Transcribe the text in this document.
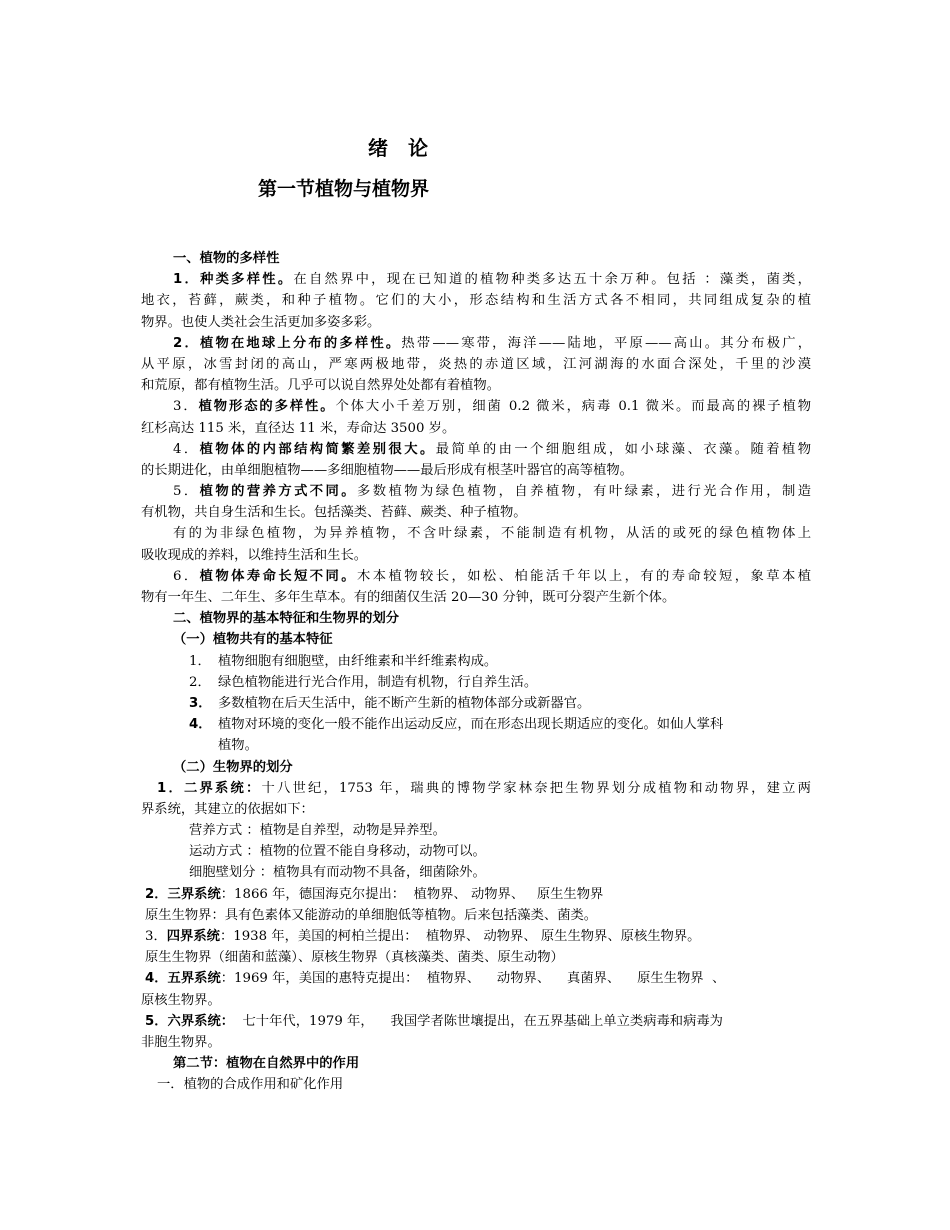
绪 论
第一节植物与植物界
一、植物的多样性
1．种类多样性。在自然界中，现在已知道的植物种类多达五十余万种。包括 ：藻类，菌类，
地衣，苔藓，蕨类，和种子植物。它们的大小，形态结构和生活方式各不相同，共同组成复杂的植
物界。也使人类社会生活更加多姿多彩。
2．植物在地球上分布的多样性。热带——寒带，海洋——陆地，平原——高山。其分布极广，
从平原，冰雪封闭的高山，严寒两极地带，炎热的赤道区域，江河湖海的水面合深处，千里的沙漠
和荒原，都有植物生活。几乎可以说自然界处处都有着植物。
3．植物形态的多样性。个体大小千差万别，细菌 0.2 微米，病毒 0.1 微米。而最高的裸子植物
红杉高达 115 米，直径达 11 米，寿命达 3500 岁。
4．植物体的内部结构简繁差别很大。最简单的由一个细胞组成，如小球藻、衣藻。随着植物
的长期进化，由单细胞植物——多细胞植物——最后形成有根茎叶器官的高等植物。
5．植物的营养方式不同。多数植物为绿色植物，自养植物，有叶绿素，进行光合作用，制造
有机物，共自身生活和生长。包括藻类、苔藓、蕨类、种子植物。
有的为非绿色植物，为异养植物，不含叶绿素，不能制造有机物，从活的或死的绿色植物体上
吸收现成的养料，以维持生活和生长。
6．植物体寿命长短不同。木本植物较长，如松、柏能活千年以上，有的寿命较短，象草本植
物有一年生、二年生、多年生草本。有的细菌仅生活 20—30 分钟，既可分裂产生新个体。
二、植物界的基本特征和生物界的划分
（一）植物共有的基本特征
1． 植物细胞有细胞壁，由纤维素和半纤维素构成。
2． 绿色植物能进行光合作用，制造有机物，行自养生活。
3． 多数植物在后天生活中，能不断产生新的植物体部分或新器官。
4． 植物对环境的变化一般不能作出运动反应，而在形态出现长期适应的变化。如仙人掌科
植物。
（二）生物界的划分
1．二界系统：十八世纪，1753 年，瑞典的博物学家林奈把生物界划分成植物和动物界，建立两
界系统，其建立的依据如下：
营养方式 ：植物是自养型，动物是异养型。
运动方式 ：植物的位置不能自身移动，动物可以。
细胞壁划分 ：植物具有而动物不具备，细菌除外。
2．三界系统：1866 年，德国海克尔提出：  植物界、 动物界、   原生生物界
原生生物界：具有色素体又能游动的单细胞低等植物。后来包括藻类、菌类。
3．四界系统：1938 年，美国的柯柏兰提出：  植物界、 动物界、 原生生物界、原核生物界。
原生生物界（细菌和蓝藻）、原核生物界（真核藻类、菌类、原生动物）
4．五界系统：1969 年，美国的惠特克提出：  植物界、    动物界、    真菌界、    原生生物界  、
原核生物界。
5．六界系统：  七十年代，1979 年，    我国学者陈世壤提出，在五界基础上单立类病毒和病毒为
非胞生物界。
第二节：植物在自然界中的作用
一．植物的合成作用和矿化作用
